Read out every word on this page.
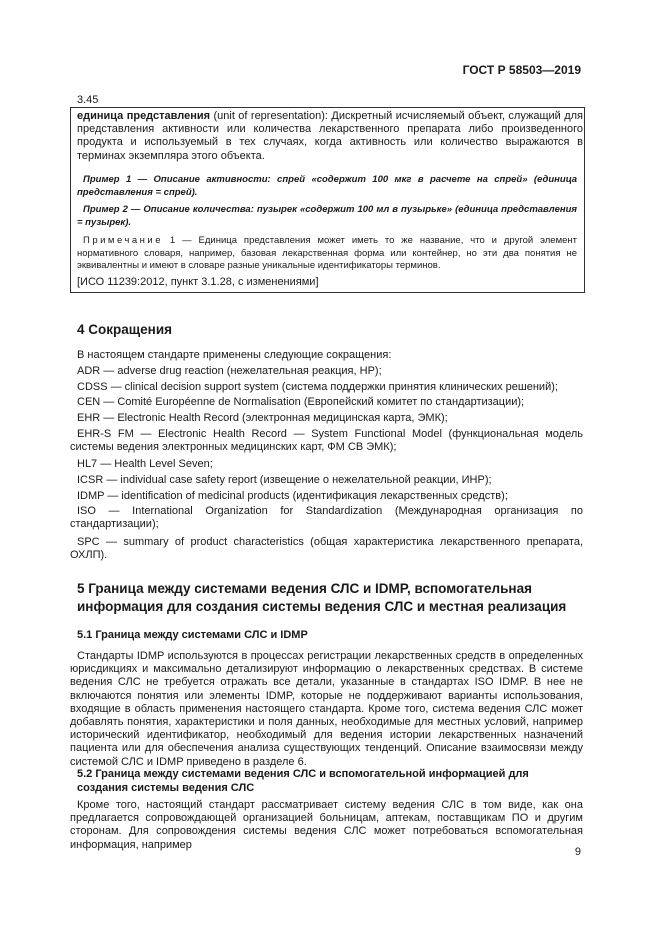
ГОСТ Р 58503—2019
3.45

единица представления (unit of representation): Дискретный исчисляемый объект, служащий для представления активности или количества лекарственного препарата либо произведенного продукта и используемый в тех случаях, когда активность или количество выражаются в терминах экземпляра этого объекта.

Пример 1 — Описание активности: спрей «содержит 100 мкг в расчете на спрей» (единица представления = спрей).

Пример 2 — Описание количества: пузырек «содержит 100 мл в пузырьке» (единица представления = пузырек).

Примечание 1 — Единица представления может иметь то же название, что и другой элемент нормативного словаря, например, базовая лекарственная форма или контейнер, но эти два понятия не эквивалентны и имеют в словаре разные уникальные идентификаторы терминов.

[ИСО 11239:2012, пункт 3.1.28, с изменениями]

4 Сокращения

В настоящем стандарте применены следующие сокращения:

ADR — adverse drug reaction (нежелательная реакция, НР);

CDSS — clinical decision support system (система поддержки принятия клинических решений);

CEN — Comité Européenne de Normalisation (Европейский комитет по стандартизации);

EHR — Electronic Health Record (электронная медицинская карта, ЭМК);

EHR-S FM — Electronic Health Record — System Functional Model (функциональная модель системы ведения электронных медицинских карт, ФМ СВ ЭМК);

HL7 — Health Level Seven;

ICSR — individual case safety report (извещение о нежелательной реакции, ИНР);

IDMP — identification of medicinal products (идентификация лекарственных средств);

ISO — International Organization for Standardization (Международная организация по стандартизации);

SPC — summary of product characteristics (общая характеристика лекарственного препарата, ОХЛП).

5 Граница между системами ведения СЛС и IDMP, вспомогательная информация для создания системы ведения СЛС и местная реализация
5.1 Граница между системами СЛС и IDMP

Стандарты IDMP используются в процессах регистрации лекарственных средств в определенных юрисдикциях и максимально детализируют информацию о лекарственных средствах. В системе ведения СЛС не требуется отражать все детали, указанные в стандартах ISO IDMP. В нее не включаются понятия или элементы IDMP, которые не поддерживают варианты использования, входящие в область применения настоящего стандарта. Кроме того, система ведения СЛС может добавлять понятия, характеристики и поля данных, необходимые для местных условий, например исторический идентификатор, необходимый для ведения истории лекарственных назначений пациента или для обеспечения анализа существующих тенденций. Описание взаимосвязи между системой СЛС и IDMP приведено в разделе 6.

5.2 Граница между системами ведения СЛС и вспомогательной информацией для создания системы ведения СЛС

Кроме того, настоящий стандарт рассматривает систему ведения СЛС в том виде, как она предлагается сопровождающей организацией больницам, аптекам, поставщикам ПО и другим сторонам. Для сопровождения системы ведения СЛС может потребоваться вспомогательная информация, например

9
